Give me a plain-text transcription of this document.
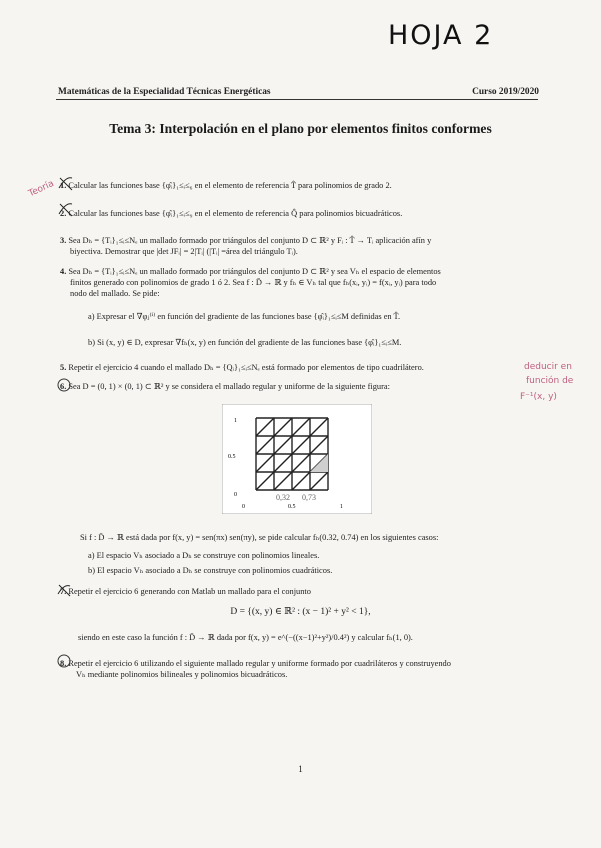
HOJA 2
Matemáticas de la Especialidad Técnicas Energéticas	Curso 2019/2020
Tema 3: Interpolación en el plano por elementos finitos conformes
Teoría 1. Calcular las funciones base {φ̂ᵢ}₁≤ᵢ≤₆ en el elemento de referencia T̂ para polinomios de grado 2.
2. Calcular las funciones base {φ̂ᵢ}₁≤ᵢ≤₉ en el elemento de referencia Q̂ para polinomios bicuadráticos.
3. Sea Dₕ = {Tᵢ}₁≤ᵢ≤Nₑ un mallado formado por triángulos del conjunto D ⊂ ℝ² y Fᵢ : T̂ → Tᵢ aplicación afín y
biyectiva. Demostrar que |det JFᵢ| = 2|Tᵢ| (|Tᵢ| =área del triángulo Tᵢ).
4. Sea Dₕ = {Tᵢ}₁≤ᵢ≤Nₑ un mallado formado por triángulos del conjunto D ⊂ ℝ² y sea Vₕ el espacio de elementos
finitos generado con polinomios de grado 1 ó 2. Sea f : D̄ → ℝ y fₕ ∈ Vₕ tal que fₕ(xᵢ, yᵢ) = f(xᵢ, yᵢ) para todo
nodo del mallado. Se pide:
a) Expresar el ∇φⱼ⁽ⁱ⁾ en función del gradiente de las funciones base {φ̂ᵢ}₁≤ᵢ≤M definidas en T̂.
b) Si (x, y) ∈ D, expresar ∇fₕ(x, y) en función del gradiente de las funciones base {φ̂ᵢ}₁≤ᵢ≤M.
5. Repetir el ejercicio 4 cuando el mallado Dₕ = {Qᵢ}₁≤ᵢ≤Nₑ está formado por elementos de tipo cuadrilátero.	deducir en
función de
F⁻¹(x, y)
6. Sea D = (0, 1) × (0, 1) ⊂ ℝ² y se considera el mallado regular y uniforme de la siguiente figura:
1
0.5
0
0	0.5	1
0,32 0,73
Si f : D̄ → ℝ está dada por f(x, y) = sen(πx) sen(πy), se pide calcular fₕ(0.32, 0.74) en los siguientes casos:
a) El espacio Vₕ asociado a Dₕ se construye con polinomios lineales.
b) El espacio Vₕ asociado a Dₕ se construye con polinomios cuadráticos.
7. Repetir el ejercicio 6 generando con Matlab un mallado para el conjunto
D = {(x, y) ∈ ℝ² : (x − 1)² + y² < 1},
siendo en este caso la función f : D̄ → ℝ dada por f(x, y) = e^(−((x−1)²+y²)/0.4²) y calcular fₕ(1, 0).
8. Repetir el ejercicio 6 utilizando el siguiente mallado regular y uniforme formado por cuadriláteros y construyendo
Vₕ mediante polinomios bilineales y polinomios bicuadráticos.
1
